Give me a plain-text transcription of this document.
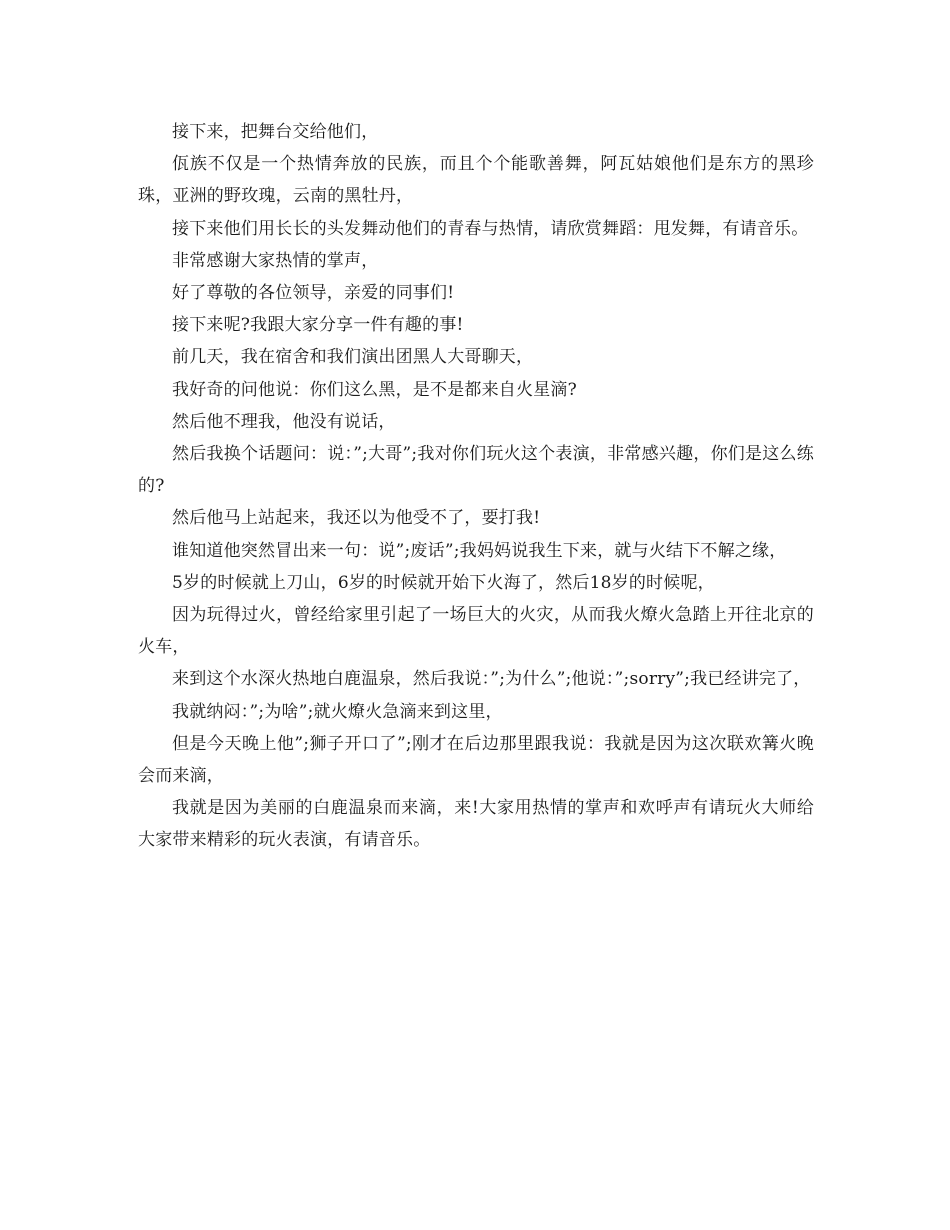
接下来，把舞台交给他们，

佤族不仅是一个热情奔放的民族，而且个个能歌善舞，阿瓦姑娘他们是东方的黑珍珠，亚洲的野玫瑰，云南的黑牡丹，

接下来他们用长长的头发舞动他们的青春与热情，请欣赏舞蹈：甩发舞，有请音乐。

非常感谢大家热情的掌声，

好了尊敬的各位领导，亲爱的同事们!

接下来呢?我跟大家分享一件有趣的事!

前几天，我在宿舍和我们演出团黑人大哥聊天，

我好奇的问他说：你们这么黑，是不是都来自火星滴?

然后他不理我，他没有说话，

然后我换个话题问：说：”;大哥”;我对你们玩火这个表演，非常感兴趣，你们是这么练的?

然后他马上站起来，我还以为他受不了，要打我!

谁知道他突然冒出来一句：说”;废话”;我妈妈说我生下来，就与火结下不解之缘，

5岁的时候就上刀山，6岁的时候就开始下火海了，然后18岁的时候呢，

因为玩得过火，曾经给家里引起了一场巨大的火灾，从而我火燎火急踏上开往北京的火车，

来到这个水深火热地白鹿温泉，然后我说：”;为什么”;他说：”;sorry”;我已经讲完了，

我就纳闷：”;为啥”;就火燎火急滴来到这里，

但是今天晚上他”;狮子开口了”;刚才在后边那里跟我说：我就是因为这次联欢篝火晚会而来滴，

我就是因为美丽的白鹿温泉而来滴，来!大家用热情的掌声和欢呼声有请玩火大师给大家带来精彩的玩火表演，有请音乐。
